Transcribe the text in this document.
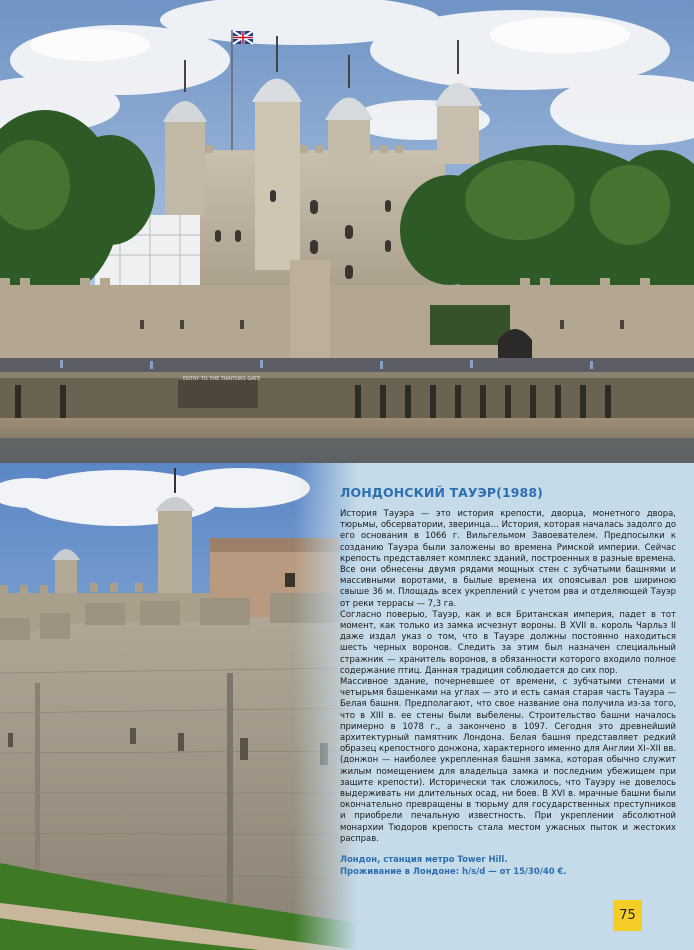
ENTRY TO THE TRAITORS GATE
ЛОНДОНСКИЙ ТАУЭР(1988)

История Тауэра — это история крепости, дворца, монетного двора, тюрьмы, обсерватории, зверинца… История, которая началась задолго до его основания в 1066 г. Вильгельмом Завоевателем. Предпосылки к созданию Тауэра были заложены во времена Римской империи. Сейчас крепость представляет комплекс зданий, построенных в разные времена. Все они обнесены двумя рядами мощных стен с зубчатыми башнями и массивными воротами, в былые времена их опоясывал ров шириною свыше 36 м. Площадь всех укреплений с учетом рва и отделяющей Тауэр от реки террасы — 7,3 га.

Согласно поверью, Тауэр, как и вся Британская империя, падет в тот момент, как только из замка исчезнут вороны. В XVII в. король Чарльз II даже издал указ о том, что в Тауэре должны постоянно находиться шесть черных воронов. Следить за этим был назначен специальный стражник — хранитель воронов, в обязанности которого входило полное содержание птиц. Данная традиция соблюдается до сих пор.

Массивное здание, почерневшее от времени, с зубчатыми стенами и четырьмя башенками на углах — это и есть самая старая часть Тауэра — Белая башня. Предполагают, что свое название она получила из-за того, что в XIII в. ее стены были выбелены. Строительство башни началось примерно в 1078 г., а закончено в 1097. Сегодня это древнейший архитектурный памятник Лондона. Белая башня представляет редкий образец крепостного донжона, характерного именно для Англии XI–XII вв. (донжон — наиболее укрепленная башня замка, которая обычно служит жилым помещением для владельца замка и последним убежищем при защите крепости). Исторически так сложилось, что Тауэру не довелось выдерживать ни длительных осад, ни боев. В XVI в. мрачные башни были окончательно превращены в тюрьму для государственных преступников и приобрели печальную известность. При укреплении абсолютной монархии Тюдоров крепость стала местом ужасных пыток и жестоких расправ.

Лондон, станция метро Tower Hill.
Проживание в Лондоне: h/s/d — от 15/30/40 €.
75
